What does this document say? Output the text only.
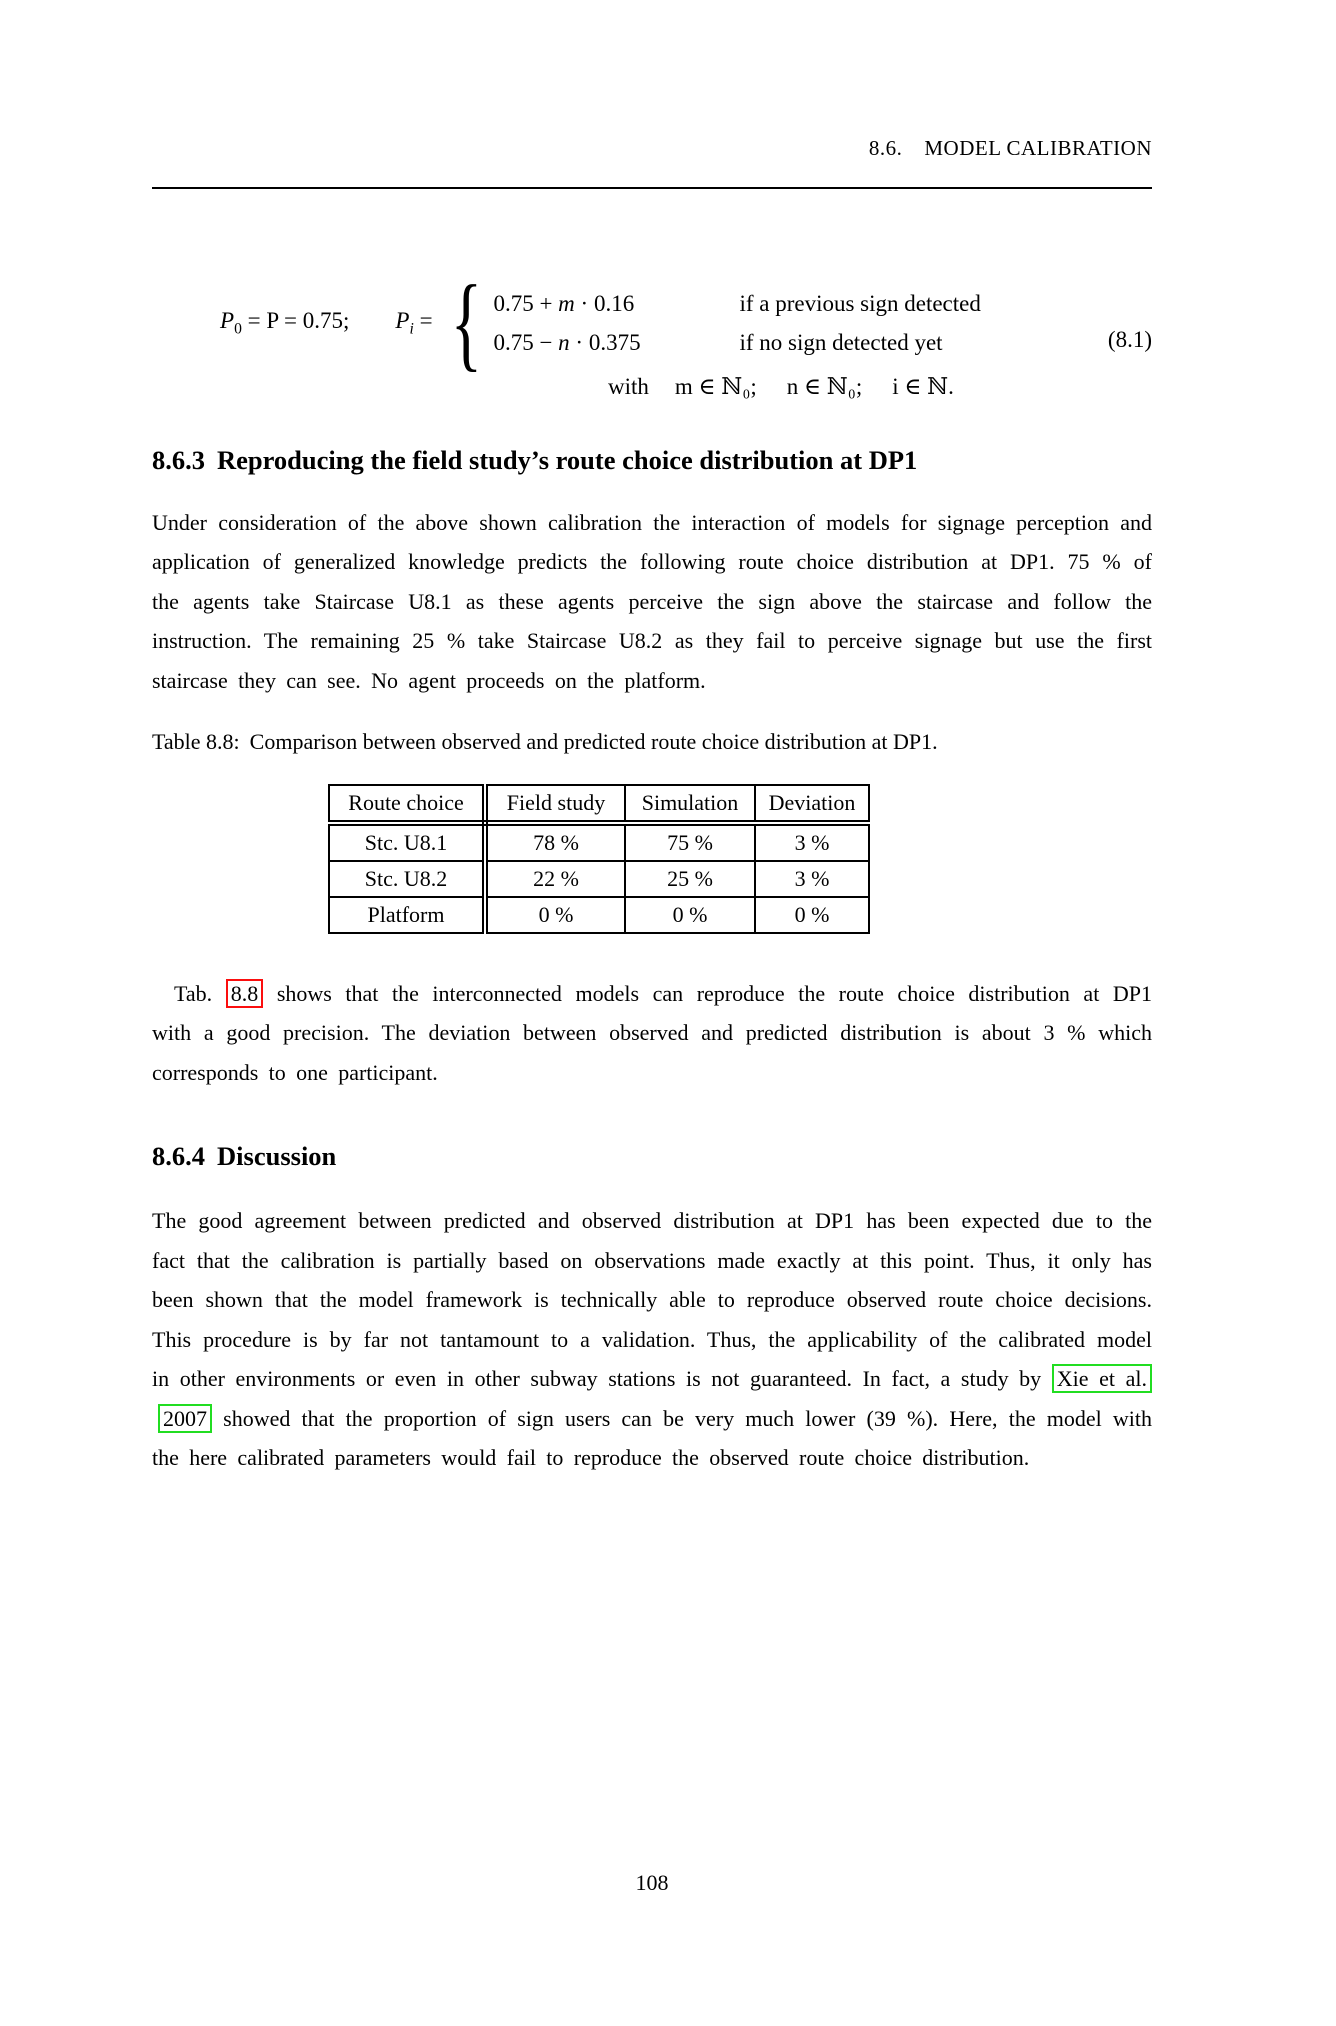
8.6. MODEL CALIBRATION
$P_0 = P = 0.75$; $P_i$ = { 0.75 + m · 0.16	if a previous sign detected
0.75 − n · 0.375	if no sign detected yet	(8.1)
with m ∈ ℕ₀; n ∈ ℕ₀; i ∈ ℕ.
8.6.3 Reproducing the field study’s route choice distribution at DP1

Under consideration of the above shown calibration the interaction of models for signage perception and application of generalized knowledge predicts the following route choice distribution at DP1. 75 % of the agents take Staircase U8.1 as these agents perceive the sign above the staircase and follow the instruction. The remaining 25 % take Staircase U8.2 as they fail to perceive signage but use the first staircase they can see. No agent proceeds on the platform.

Table 8.8: Comparison between observed and predicted route choice distribution at DP1.

Route choice	Field study	Simulation	Deviation
Stc. U8.1	78 %	75 %	3 %
Stc. U8.2	22 %	25 %	3 %
Platform	0 %	0 %	0 %

Tab. 8.8 shows that the interconnected models can reproduce the route choice distribution at DP1 with a good precision. The deviation between observed and predicted distribution is about 3 % which corresponds to one participant.

8.6.4 Discussion

The good agreement between predicted and observed distribution at DP1 has been expected due to the fact that the calibration is partially based on observations made exactly at this point. Thus, it only has been shown that the model framework is technically able to reproduce observed route choice decisions. This procedure is by far not tantamount to a validation. Thus, the applicability of the calibrated model in other environments or even in other subway stations is not guaranteed. In fact, a study by Xie et al.2007 showed that the proportion of sign users can be very much lower (39 %). Here, the model with the here calibrated parameters would fail to reproduce the observed route choice distribution.

108
